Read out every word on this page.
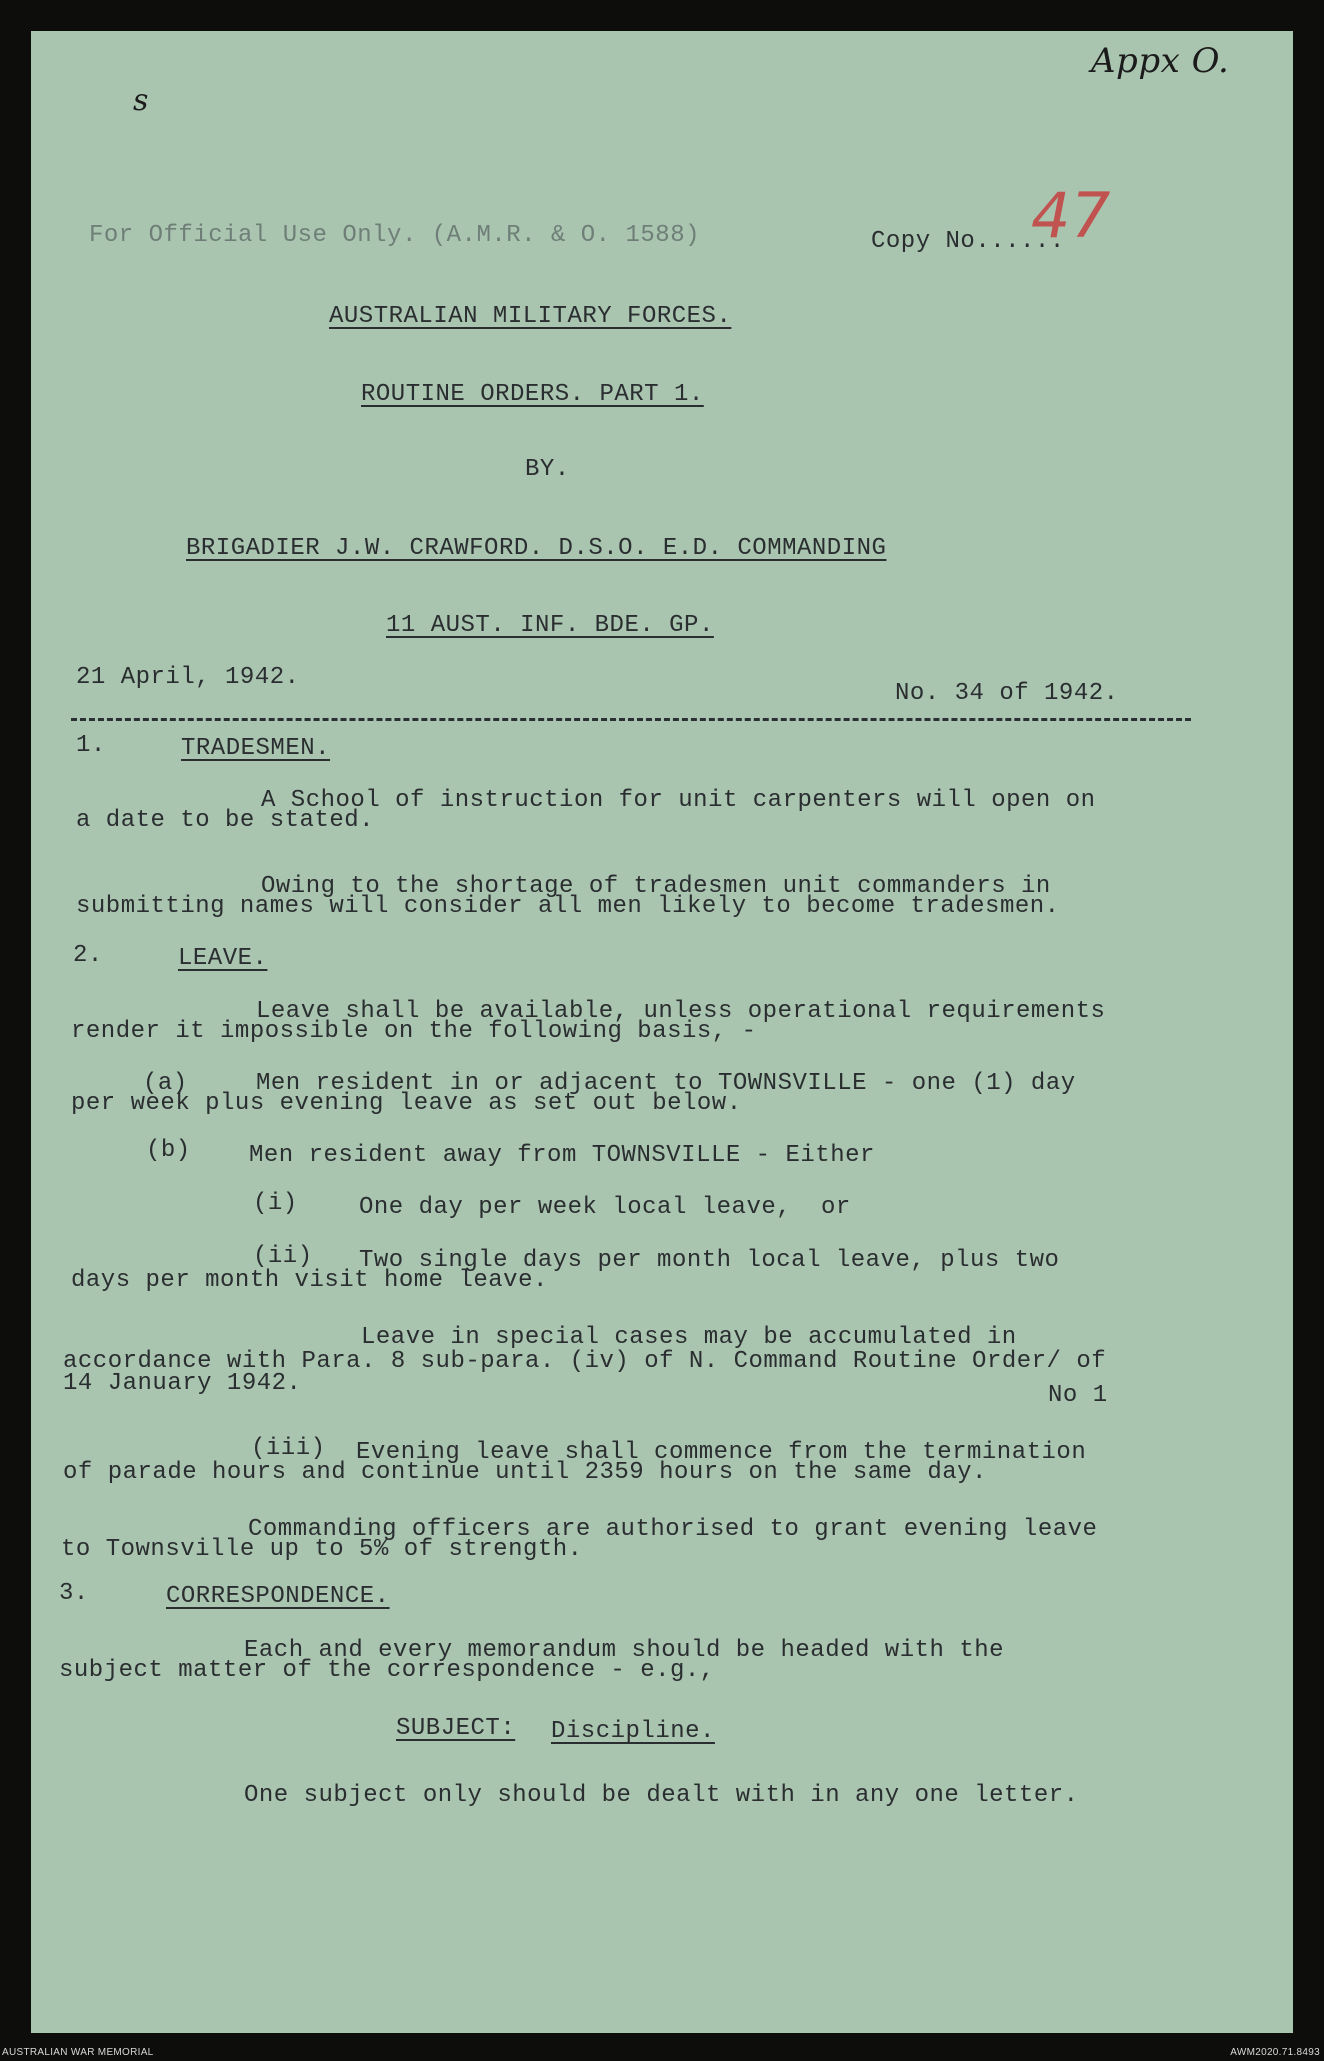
Appx O.
s
For Official Use Only. (A.M.R. & O. 1588)	Copy No......
47
AUSTRALIAN MILITARY FORCES.
ROUTINE ORDERS. PART 1.
BY.
BRIGADIER J.W. CRAWFORD. D.S.O. E.D. COMMANDING
11 AUST. INF. BDE. GP.
21 April, 1942.
No. 34 of 1942.
1.	TRADESMEN.
A School of instruction for unit carpenters will open on
a date to be stated.
Owing to the shortage of tradesmen unit commanders in
submitting names will consider all men likely to become tradesmen.
2.	LEAVE.
Leave shall be available, unless operational requirements
render it impossible on the following basis, -
(a)	Men resident in or adjacent to TOWNSVILLE - one (1) day
per week plus evening leave as set out below.
(b) Men resident away from TOWNSVILLE - Either
(i)	One day per week local leave,  or
(ii) Two single days per month local leave, plus two
days per month visit home leave.
Leave in special cases may be accumulated in
accordance with Para. 8 sub-para. (iv) of N. Command Routine Order/ of
No 1
14 January 1942.
(iii) Evening leave shall commence from the termination
of parade hours and continue until 2359 hours on the same day.
Commanding officers are authorised to grant evening leave
to Townsville up to 5% of strength.
3.	CORRESPONDENCE.
Each and every memorandum should be headed with the
subject matter of the correspondence - e.g.,
SUBJECT: Discipline.
One subject only should be dealt with in any one letter.
AUSTRALIAN WAR MEMORIAL	AWM2020.71.8493
